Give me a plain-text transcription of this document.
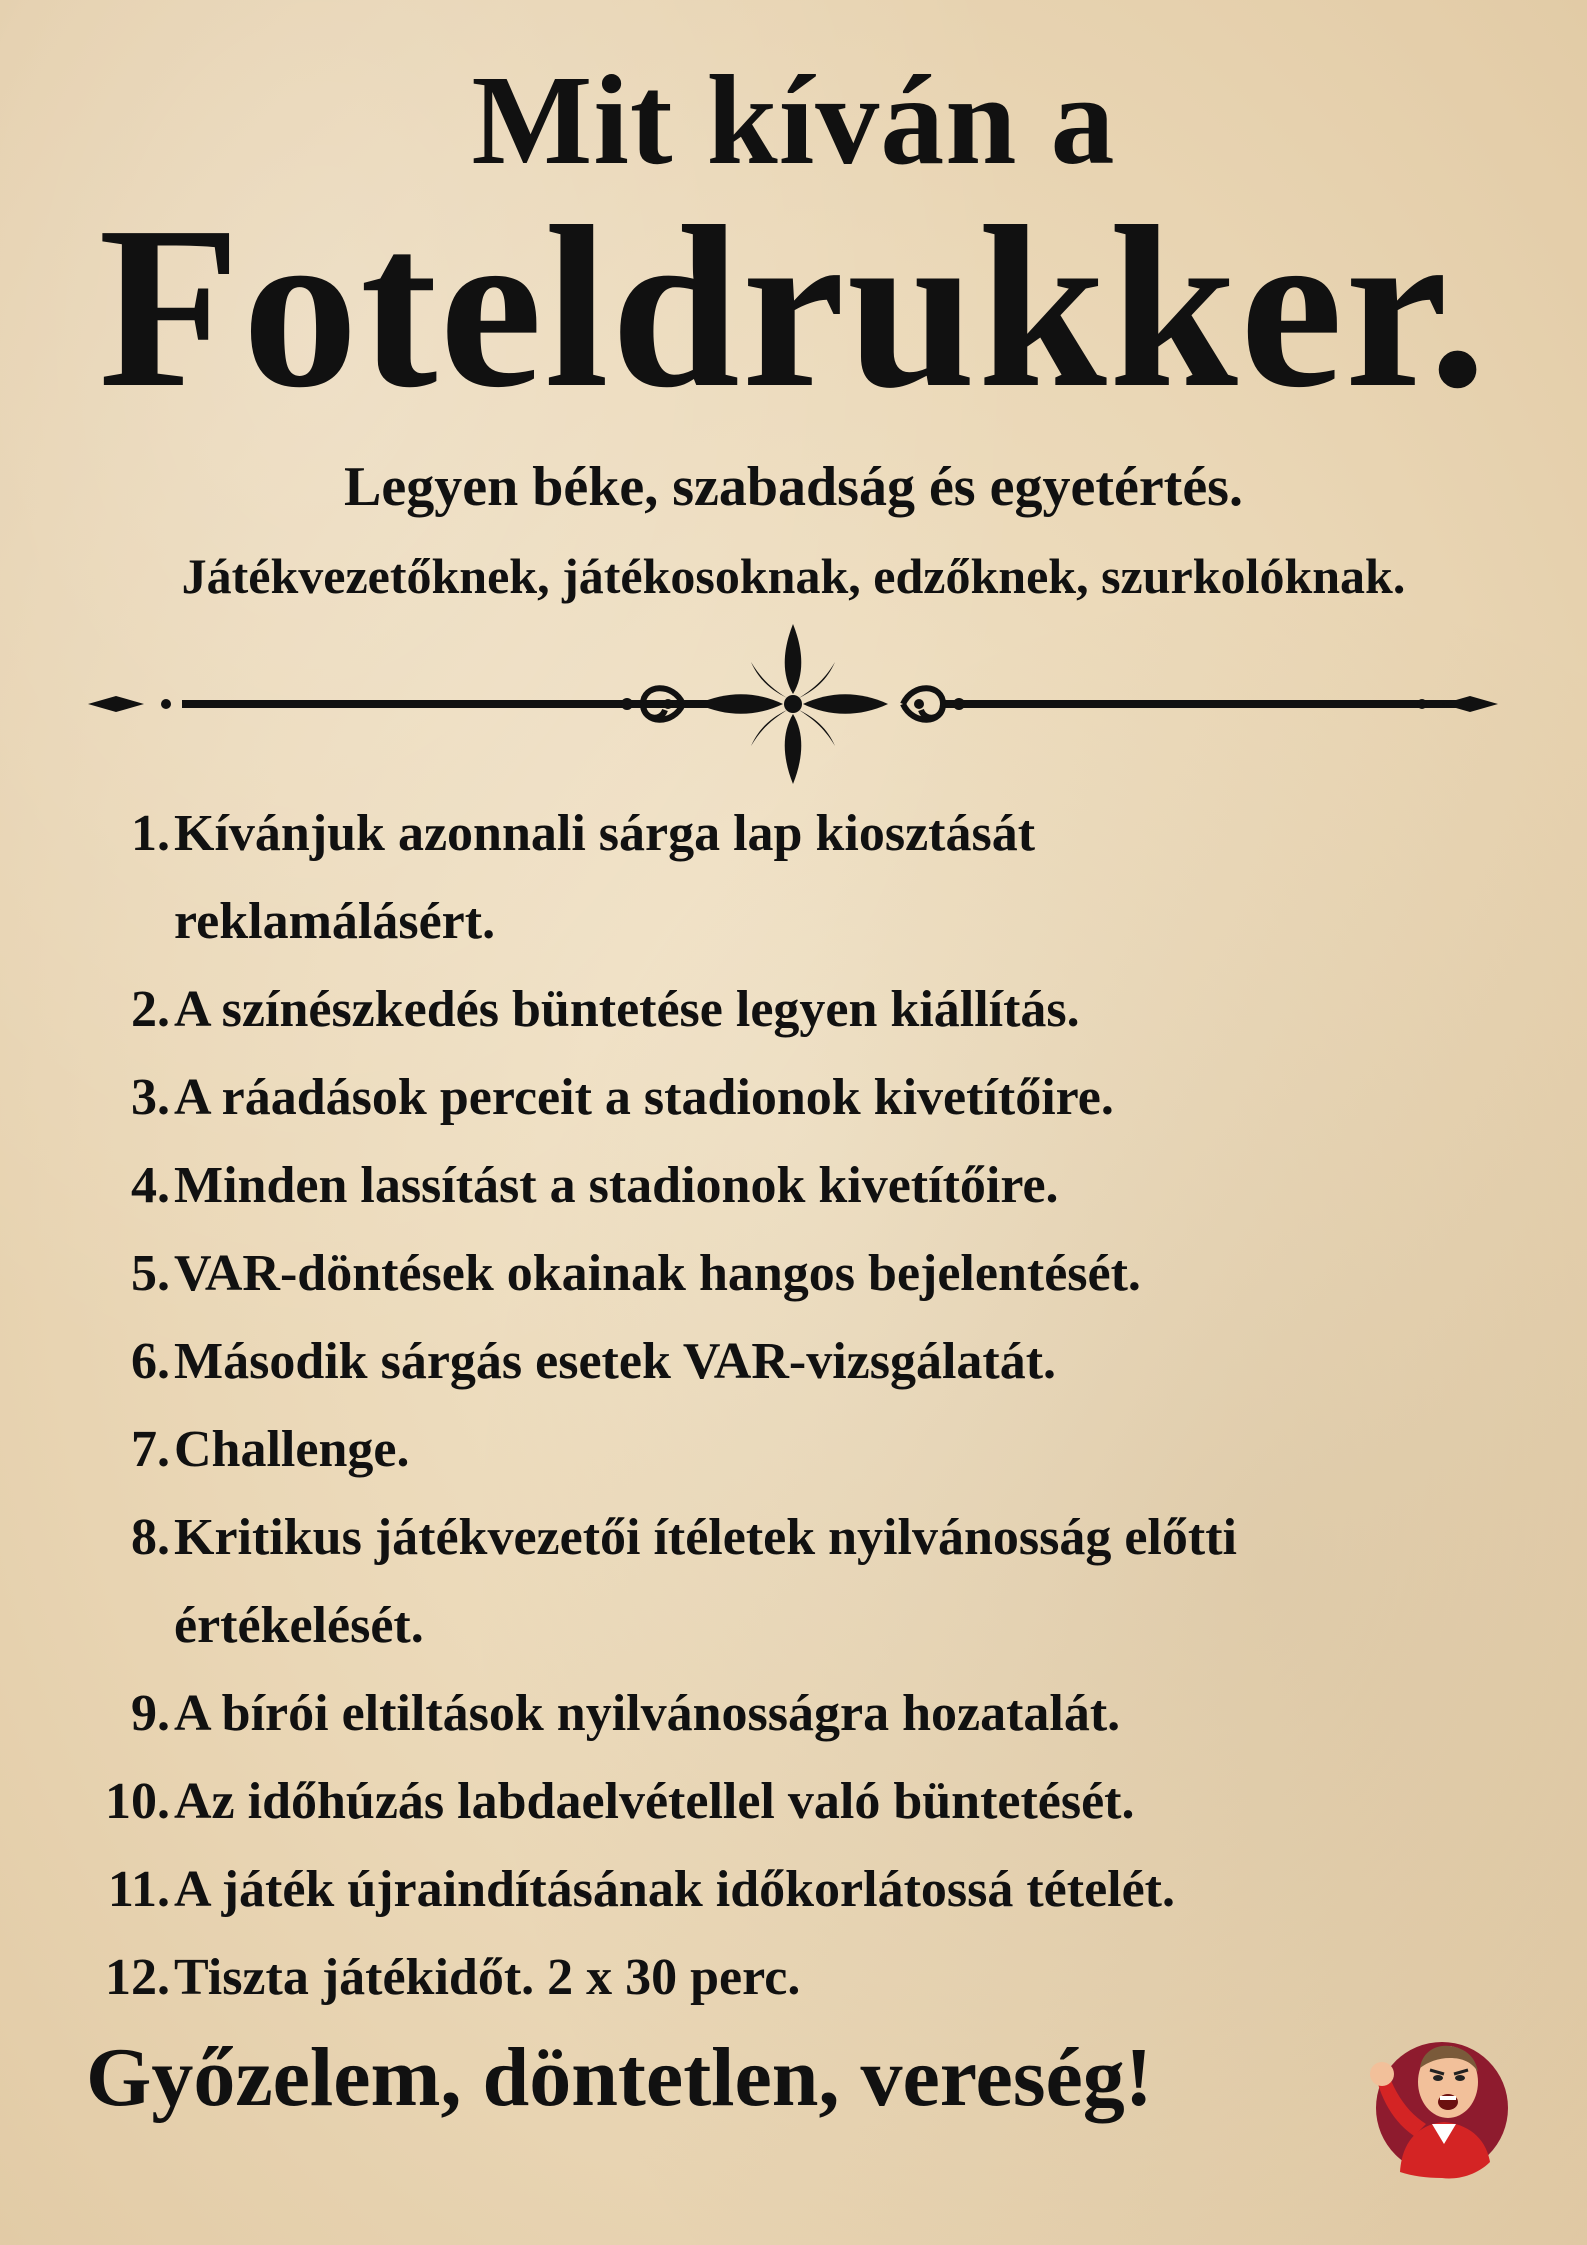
Mit kíván a
Foteldrukker.
Legyen béke, szabadság és egyetértés.
Játékvezetőknek, játékosoknak, edzőknek, szurkolóknak.
1. Kívánjuk azonnali sárga lap kiosztását
reklamálásért.
2. A színészkedés büntetése legyen kiállítás.
3. A ráadások perceit a stadionok kivetítőire.
4. Minden lassítást a stadionok kivetítőire.
5. VAR-döntések okainak hangos bejelentését.
6. Második sárgás esetek VAR-vizsgálatát.
7. Challenge.
8. Kritikus játékvezetői ítéletek nyilvánosság előtti
értékelését.
9. A bírói eltiltások nyilvánosságra hozatalát.
10. Az időhúzás labdaelvétellel való büntetését.
11. A játék újraindításának időkorlátossá tételét.
12. Tiszta játékidőt. 2 x 30 perc.
Győzelem, döntetlen, vereség!
